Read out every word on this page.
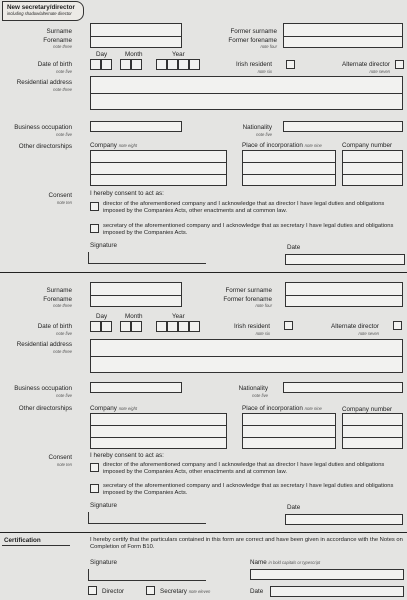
New secretary/director
including shadow/alternate director
Surname
Forename
note three
Former surname
Former forename
note four
Day	Month	Year
Date of birth
note five
Irish resident
note six
Alternate director
note seven
Residential address
note three
Business occupation
note five
Nationality
note five
Other directorships	Company note eight	Place of incorporation note nine	Company number
Consent
note ten
I hereby consent to act as:
director of the aforementioned company and I acknowledge that as director I have legal duties and obligations imposed by the Companies Acts, other enactments and at common law.
secretary of the aforementioned company and I acknowledge that as secretary I have legal duties and obligations imposed by the Companies Acts.
Signature	Date
Surname
Forename
note three
Former surname
Former forename
note four
Day	Month	Year
Date of birth
note five
Irish resident
note six
Alternate director
note seven
Residential address
note three
Business occupation
note five
Nationality
note five
Other directorships	Company note eight	Place of incorporation note nine	Company number
Consent
note ten
I hereby consent to act as:
director of the aforementioned company and I acknowledge that as director I have legal duties and obligations imposed by the Companies Acts, other enactments and at common law.
secretary of the aforementioned company and I acknowledge that as secretary I have legal duties and obligations imposed by the Companies Acts.
Signature	Date
Certification	I hereby certify that the particulars contained in this form are correct and have been given in accordance with the Notes on Completion of Form B10.
Signature	Name in bold capitals or typescript
Director	Secretary note eleven	Date
